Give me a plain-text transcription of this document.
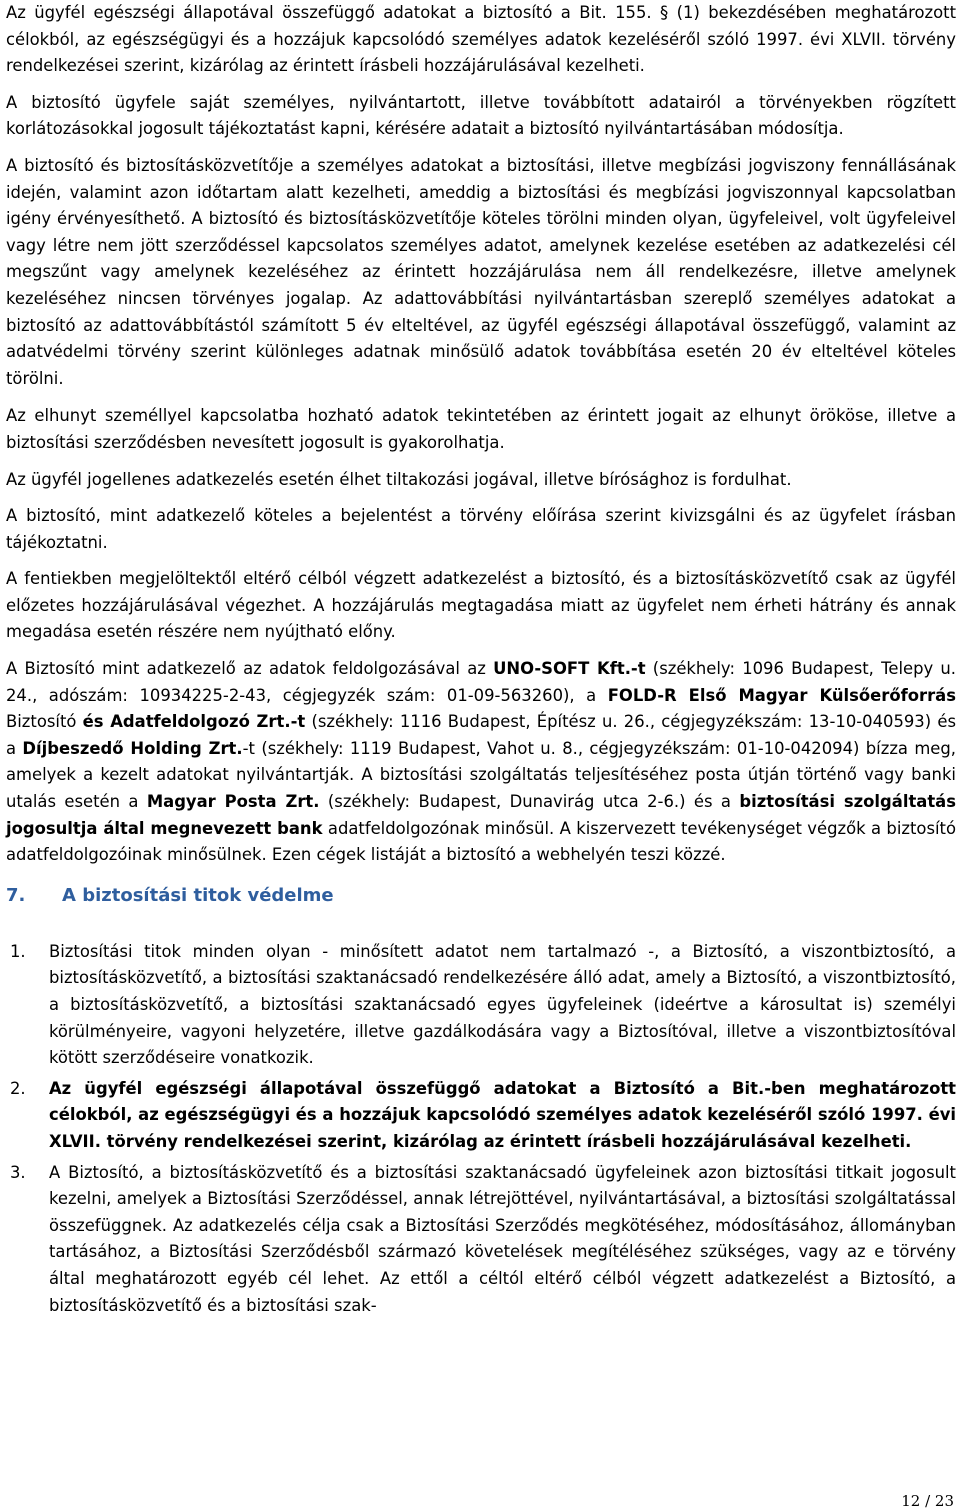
Az ügyfél egészségi állapotával összefüggő adatokat a biztosító a Bit. 155. § (1) bekezdésében meghatározott célokból, az egészségügyi és a hozzájuk kapcsolódó személyes adatok kezeléséről szóló 1997. évi XLVII. törvény rendelkezései szerint, kizárólag az érintett írásbeli hozzájárulásával kezelheti.

A biztosító ügyfele saját személyes, nyilvántartott, illetve továbbított adatairól a törvényekben rögzített korlátozásokkal jogosult tájékoztatást kapni, kérésére adatait a biztosító nyilvántartásában módosítja.

A biztosító és biztosításközvetítője a személyes adatokat a biztosítási, illetve megbízási jogviszony fennállásának idején, valamint azon időtartam alatt kezelheti, ameddig a biztosítási és megbízási jogviszonnyal kapcsolatban igény érvényesíthető. A biztosító és biztosításközvetítője köteles törölni minden olyan, ügyfeleivel, volt ügyfeleivel vagy létre nem jött szerződéssel kapcsolatos személyes adatot, amelynek kezelése esetében az adatkezelési cél megszűnt vagy amelynek kezeléséhez az érintett hozzájárulása nem áll rendelkezésre, illetve amelynek kezeléséhez nincsen törvényes jogalap. Az adattovábbítási nyilvántartásban szereplő személyes adatokat a biztosító az adattovábbítástól számított 5 év elteltével, az ügyfél egészségi állapotával összefüggő, valamint az adatvédelmi törvény szerint különleges adatnak minősülő adatok továbbítása esetén 20 év elteltével köteles törölni.

Az elhunyt személlyel kapcsolatba hozható adatok tekintetében az érintett jogait az elhunyt örököse, illetve a biztosítási szerződésben nevesített jogosult is gyakorolhatja.

Az ügyfél jogellenes adatkezelés esetén élhet tiltakozási jogával, illetve bírósághoz is fordulhat.

A biztosító, mint adatkezelő köteles a bejelentést a törvény előírása szerint kivizsgálni és az ügyfelet írásban tájékoztatni.

A fentiekben megjelöltektől eltérő célból végzett adatkezelést a biztosító, és a biztosításközvetítő csak az ügyfél előzetes hozzájárulásával végezhet. A hozzájárulás megtagadása miatt az ügyfelet nem érheti hátrány és annak megadása esetén részére nem nyújtható előny.

A Biztosító mint adatkezelő az adatok feldolgozásával az UNO-SOFT Kft.-t (székhely: 1096 Budapest, Telepy u. 24., adószám: 10934225-2-43, cégjegyzék szám: 01-09-563260), a FOLD-R Első Magyar Külsőerőforrás Biztosító és Adatfeldolgozó Zrt.-t (székhely: 1116 Budapest, Építész u. 26., cégjegyzékszám: 13-10-040593) és a Díjbeszedő Holding Zrt.-t (székhely: 1119 Budapest, Vahot u. 8., cégjegyzékszám: 01-10-042094) bízza meg, amelyek a kezelt adatokat nyilvántartják. A biztosítási szolgáltatás teljesítéséhez posta útján történő vagy banki utalás esetén a Magyar Posta Zrt. (székhely: Budapest, Dunavirág utca 2-6.) és a biztosítási szolgáltatás jogosultja által megnevezett bank adatfeldolgozónak minősül. A kiszervezett tevékenységet végzők a biztosító adatfeldolgozóinak minősülnek. Ezen cégek listáját a biztosító a webhelyén teszi közzé.

7. A biztosítási titok védelme
1. Biztosítási titok minden olyan - minősített adatot nem tartalmazó -, a Biztosító, a viszontbiztosító, a biztosításközvetítő, a biztosítási szaktanácsadó rendelkezésére álló adat, amely a Biztosító, a viszontbiztosító, a biztosításközvetítő, a biztosítási szaktanácsadó egyes ügyfeleinek (ideértve a károsultat is) személyi körülményeire, vagyoni helyzetére, illetve gazdálkodására vagy a Biztosítóval, illetve a viszontbiztosítóval kötött szerződéseire vonatkozik.
2. Az ügyfél egészségi állapotával összefüggő adatokat a Biztosító a Bit.-ben meghatározott célokból, az egészségügyi és a hozzájuk kapcsolódó személyes adatok kezeléséről szóló 1997. évi XLVII. törvény rendelkezései szerint, kizárólag az érintett írásbeli hozzájárulásával kezelheti.
3. A Biztosító, a biztosításközvetítő és a biztosítási szaktanácsadó ügyfeleinek azon biztosítási titkait jogosult kezelni, amelyek a Biztosítási Szerződéssel, annak létrejöttével, nyilvántartásával, a biztosítási szolgáltatással összefüggnek. Az adatkezelés célja csak a Biztosítási Szerződés megkötéséhez, módosításához, állományban tartásához, a Biztosítási Szerződésből származó követelések megítéléséhez szükséges, vagy az e törvény által meghatározott egyéb cél lehet. Az ettől a céltól eltérő célból végzett adatkezelést a Biztosító, a biztosításközvetítő és a biztosítási szak-
12 / 23
